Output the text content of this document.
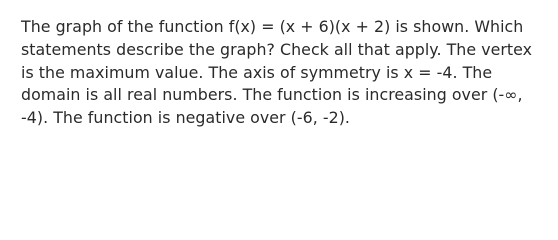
The graph of the function f(x) = (x + 6)(x + 2) is shown. Which statements describe the graph? Check all that apply. The vertex is the maximum value. The axis of symmetry is x = -4. The domain is all real numbers. The function is increasing over (-∞, -4). The function is negative over (-6, -2).
